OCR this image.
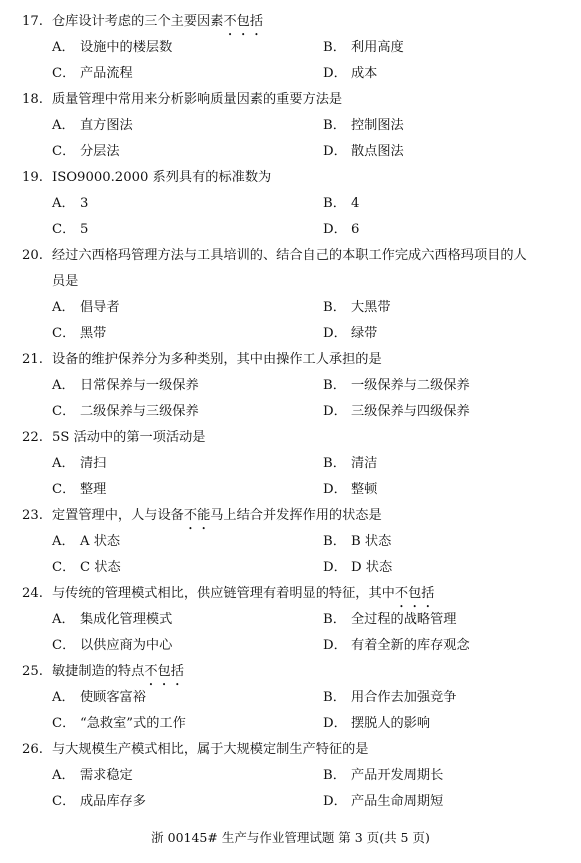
17. 仓库设计考虑的三个主要因素不包括
A． 设施中的楼层数	B． 利用高度
C． 产品流程	D． 成本
18. 质量管理中常用来分析影响质量因素的重要方法是
A． 直方图法	B． 控制图法
C． 分层法	D． 散点图法
19. ISO9000.2000 系列具有的标准数为
A． 3	B． 4
C． 5	D． 6
20. 经过六西格玛管理方法与工具培训的、结合自己的本职工作完成六西格玛项目的人
员是
A． 倡导者	B． 大黑带
C． 黑带	D． 绿带
21. 设备的维护保养分为多种类别，其中由操作工人承担的是
A． 日常保养与一级保养	B． 一级保养与二级保养
C． 二级保养与三级保养	D． 三级保养与四级保养
22. 5S 活动中的第一项活动是
A． 清扫	B． 清洁
C． 整理	D． 整顿
23. 定置管理中，人与设备不能马上结合并发挥作用的状态是
A． A 状态	B． B 状态
C． C 状态	D． D 状态
24. 与传统的管理模式相比，供应链管理有着明显的特征，其中不包括
A． 集成化管理模式	B． 全过程的战略管理
C． 以供应商为中心	D． 有着全新的库存观念
25. 敏捷制造的特点不包括
A． 使顾客富裕	B． 用合作去加强竞争
C． “急救室”式的工作	D． 摆脱人的影响
26. 与大规模生产模式相比，属于大规模定制生产特征的是
A． 需求稳定	B． 产品开发周期长
C． 成品库存多	D． 产品生命周期短
浙 00145# 生产与作业管理试题 第 3 页(共 5 页)
